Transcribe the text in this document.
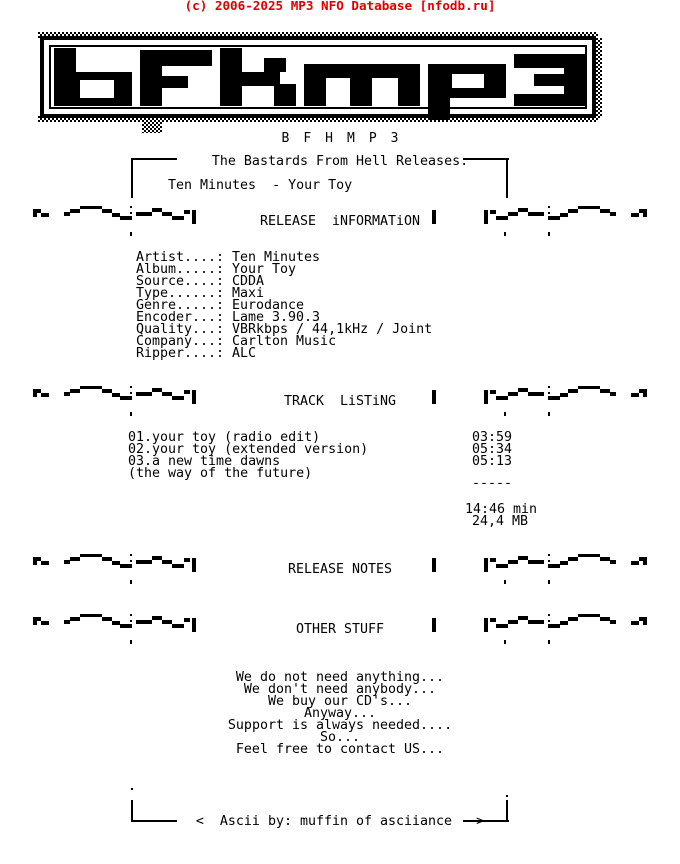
(c) 2006-2025 MP3 NFO Database [nfodb.ru]
BFHMP3
The Bastards From Hell Releases:
Ten Minutes  - Your Toy
RELEASE  iNFORMATiON
Artist....: Ten Minutes
Album.....: Your Toy
Source....: CDDA
Type......: Maxi
Genre.....: Eurodance
Encoder...: Lame 3.90.3
Quality...: VBRkbps / 44,1kHz / Joint
Company...: Carlton Music
Ripper....: ALC
TRACK  LiSTiNG
01.your toy (radio edit)	03:59
02.your toy (extended version)	05:34
03.a new time dawns	05:13
(the way of the future)
-----
14:46 min
24,4 MB
RELEASE NOTES
OTHER STUFF
We do not need anything...
We don't need anybody...
We buy our CD's...
Anyway...
Support is always needed....
So...
Feel free to contact US...
<  Ascii by: muffin of asciiance   >
